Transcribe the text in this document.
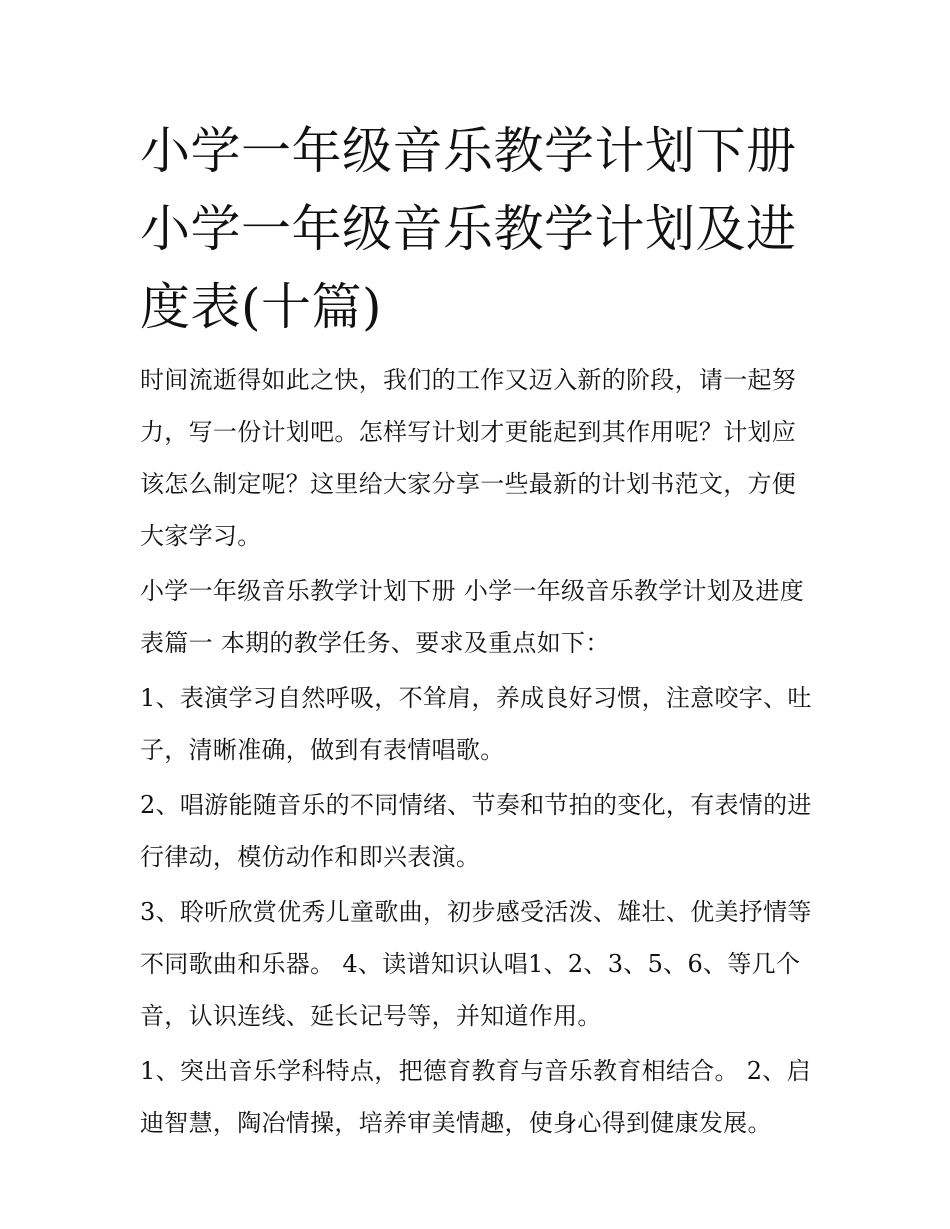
小学一年级音乐教学计划下册 小学一年级音乐教学计划及进度表(十篇)

时间流逝得如此之快，我们的工作又迈入新的阶段，请一起努力，写一份计划吧。怎样写计划才更能起到其作用呢？计划应该怎么制定呢？这里给大家分享一些最新的计划书范文，方便大家学习。

小学一年级音乐教学计划下册 小学一年级音乐教学计划及进度表篇一 本期的教学任务、要求及重点如下：

1、表演学习自然呼吸，不耸肩，养成良好习惯，注意咬字、吐子，清晰准确，做到有表情唱歌。

2、唱游能随音乐的不同情绪、节奏和节拍的变化，有表情的进行律动，模仿动作和即兴表演。

3、聆听欣赏优秀儿童歌曲，初步感受活泼、雄壮、优美抒情等不同歌曲和乐器。 4、读谱知识认唱1、2、3、5、6、等几个音，认识连线、延长记号等，并知道作用。

1、突出音乐学科特点，把德育教育与音乐教育相结合。 2、启迪智慧，陶冶情操，培养审美情趣，使身心得到健康发展。
